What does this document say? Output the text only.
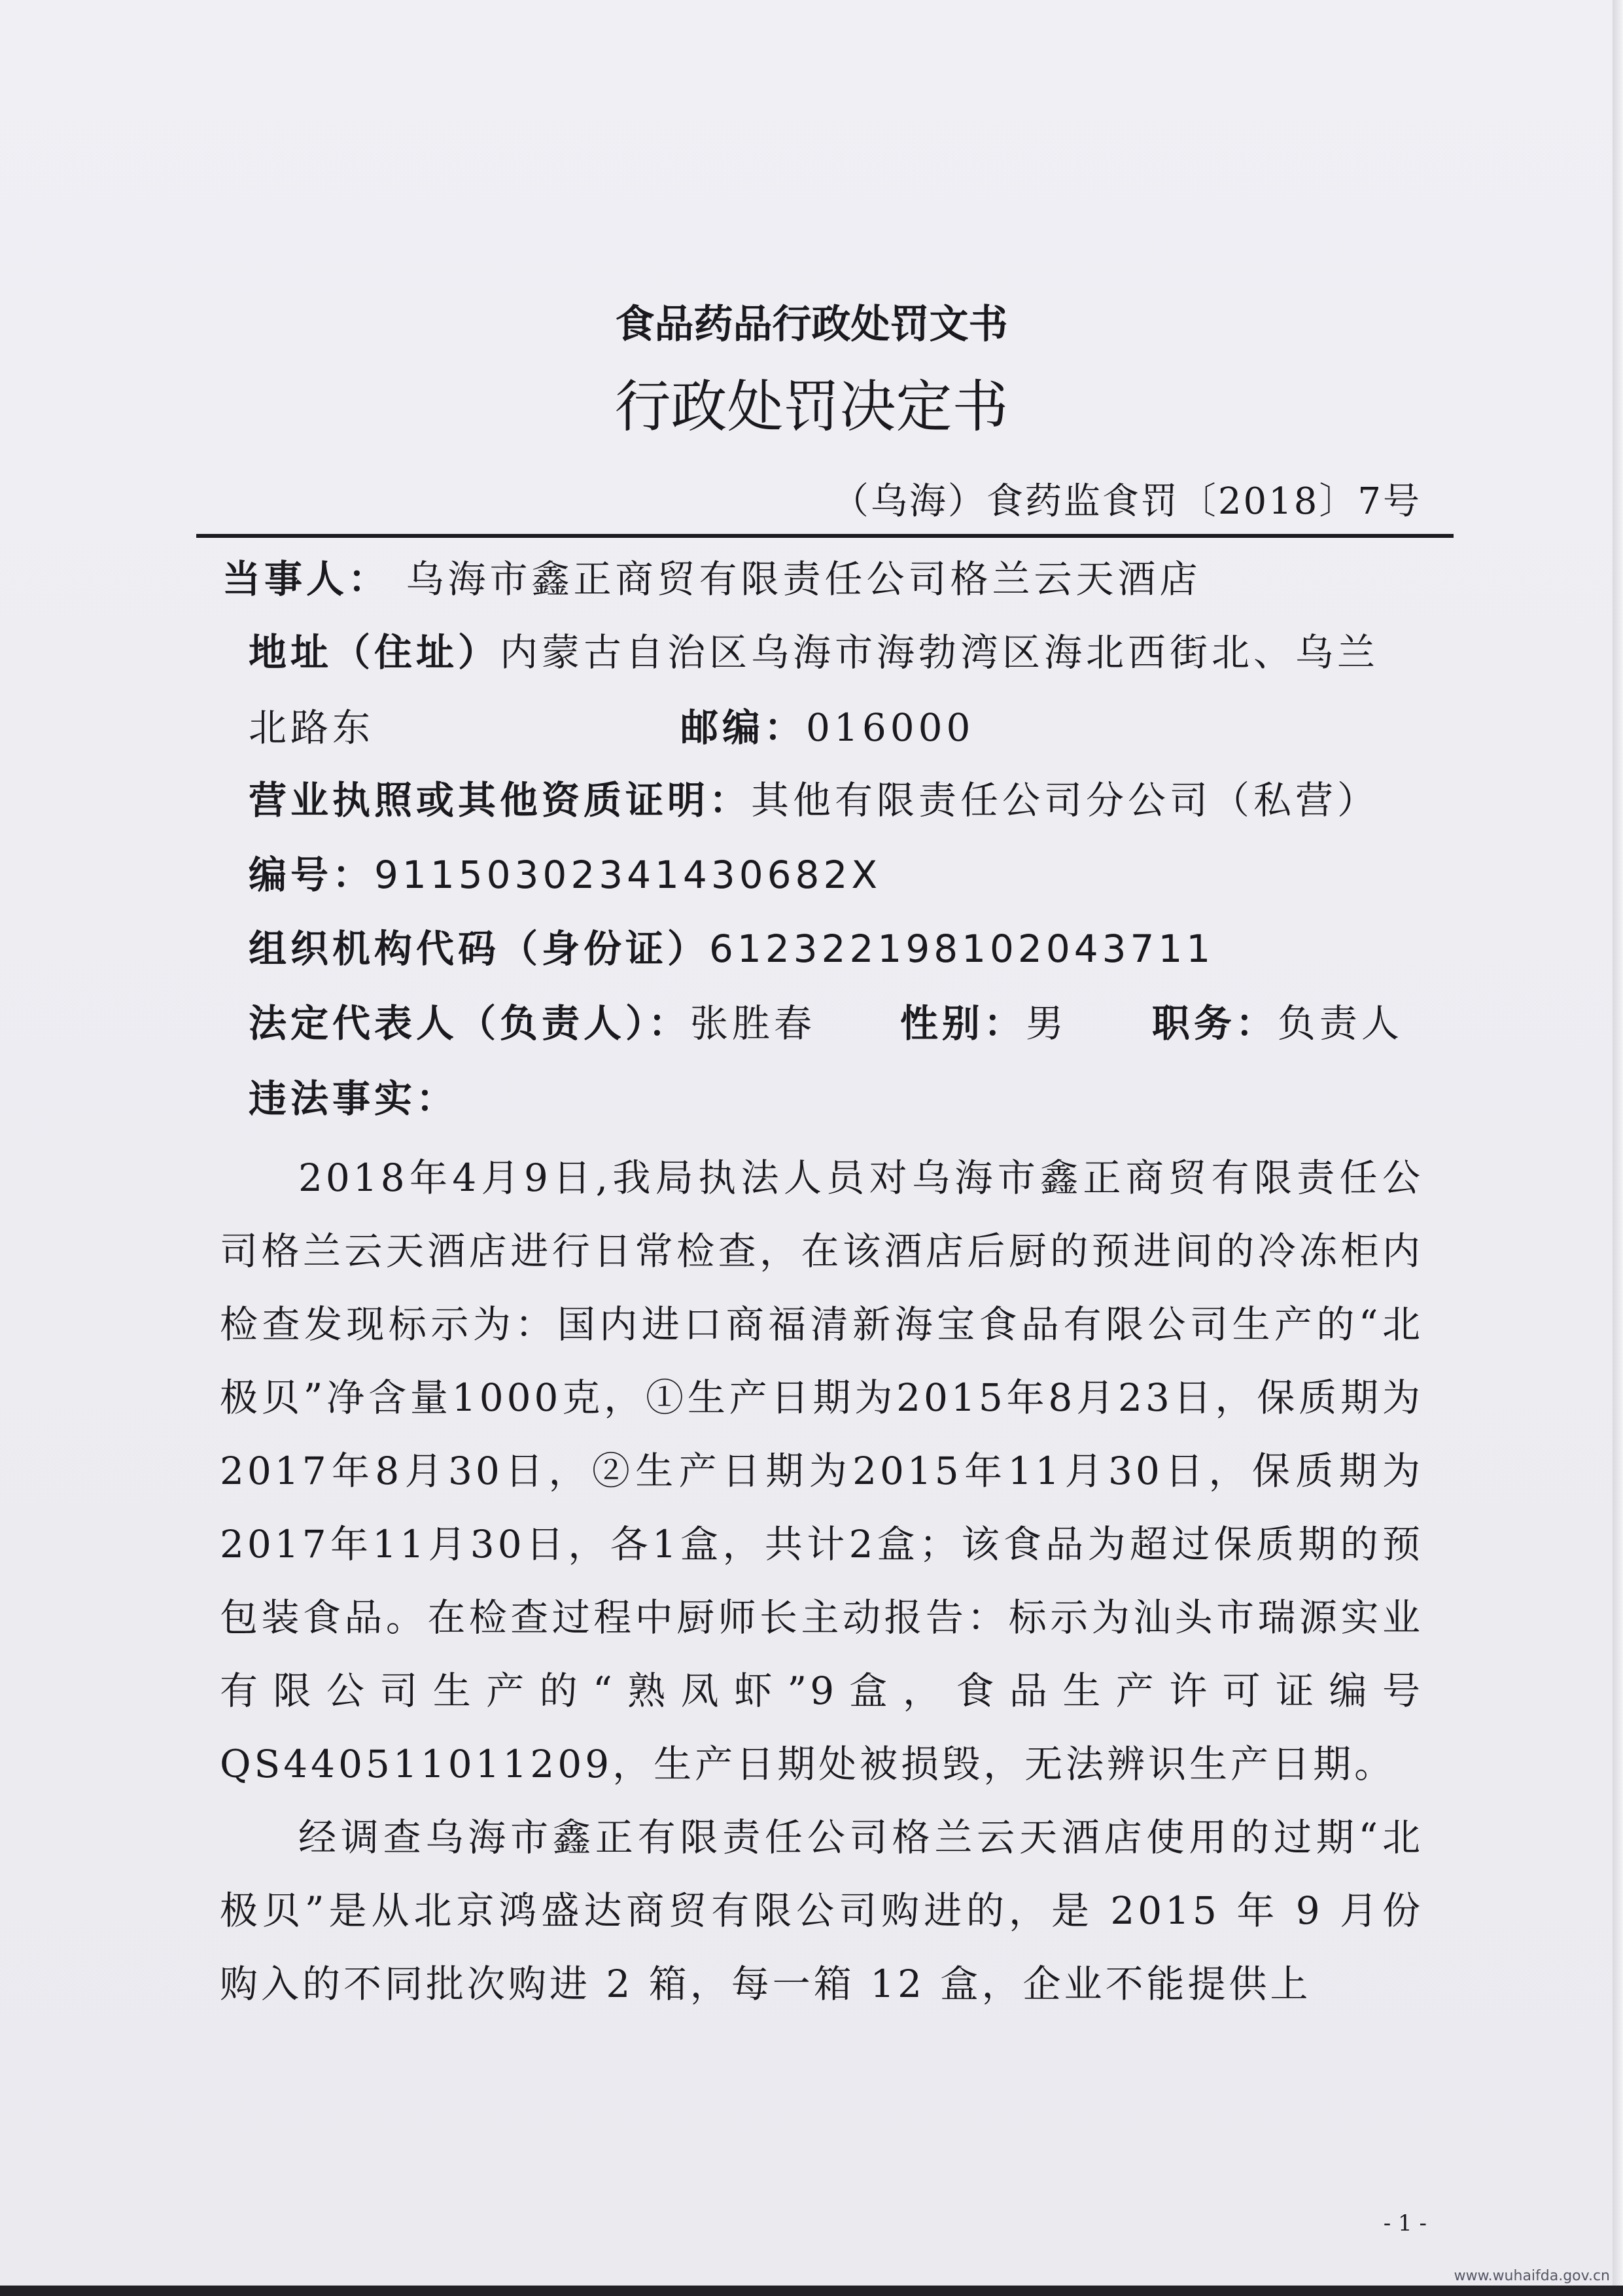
食品药品行政处罚文书
行政处罚决定书
（乌海）食药监食罚〔2018〕7号
当事人： 乌海市鑫正商贸有限责任公司格兰云天酒店
地址（住址）内蒙古自治区乌海市海勃湾区海北西街北、乌兰
北路东	邮编：016000
营业执照或其他资质证明：其他有限责任公司分公司（私营）
编号：91150302341430682X
组织机构代码（身份证）612322198102043711
法定代表人（负责人）：张胜春 性别：男 职务：负责人
违法事实：
2018年4月9日,我局执法人员对乌海市鑫正商贸有限责任公司格兰云天酒店进行日常检查，在该酒店后厨的预进间的冷冻柜内检查发现标示为：国内进口商福清新海宝食品有限公司生产的“北极贝”净含量1000克，①生产日期为2015年8月23日，保质期为2017年8月30日，②生产日期为2015年11月30日，保质期为2017年11月30日，各1盒，共计2盒；该食品为超过保质期的预包装食品。在检查过程中厨师长主动报告：标示为汕头市瑞源实业有限公司生产的“熟凤虾”9盒，食品生产许可证编号QS440511011209，生产日期处被损毁，无法辨识生产日期。
经调查乌海市鑫正有限责任公司格兰云天酒店使用的过期“北极贝”是从北京鸿盛达商贸有限公司购进的，是 2015 年 9 月份购入的不同批次购进 2 箱，每一箱 12 盒，企业不能提供上
- 1 -
www.wuhaifda.gov.cn
